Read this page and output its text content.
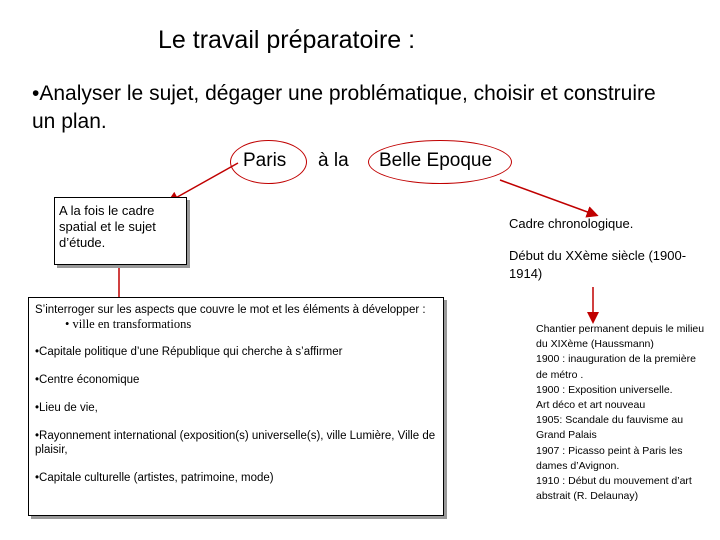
Le travail préparatoire :
•Analyser le sujet, dégager une problématique, choisir et construire un plan.
Paris à la Belle Epoque
A la fois le cadre spatial et le sujet d’étude.
S’interroger sur les aspects que couvre le mot et les éléments à développer :
• ville en transformations
•Capitale politique d’une République qui cherche à s’affirmer
•Centre économique
•Lieu de vie,
•Rayonnement international (exposition(s) universelle(s), ville Lumière, Ville de plaisir,
•Capitale culturelle (artistes, patrimoine, mode)
Cadre chronologique.
Début du XXème siècle (1900-1914)
Chantier permanent depuis le milieu du XIXème (Haussmann)
1900 : inauguration de la première de métro .
1900 : Exposition universelle.
Art déco et art nouveau
1905: Scandale du fauvisme au Grand Palais
1907 : Picasso peint à Paris les dames d’Avignon.
1910 : Début du mouvement d’art abstrait (R. Delaunay)
